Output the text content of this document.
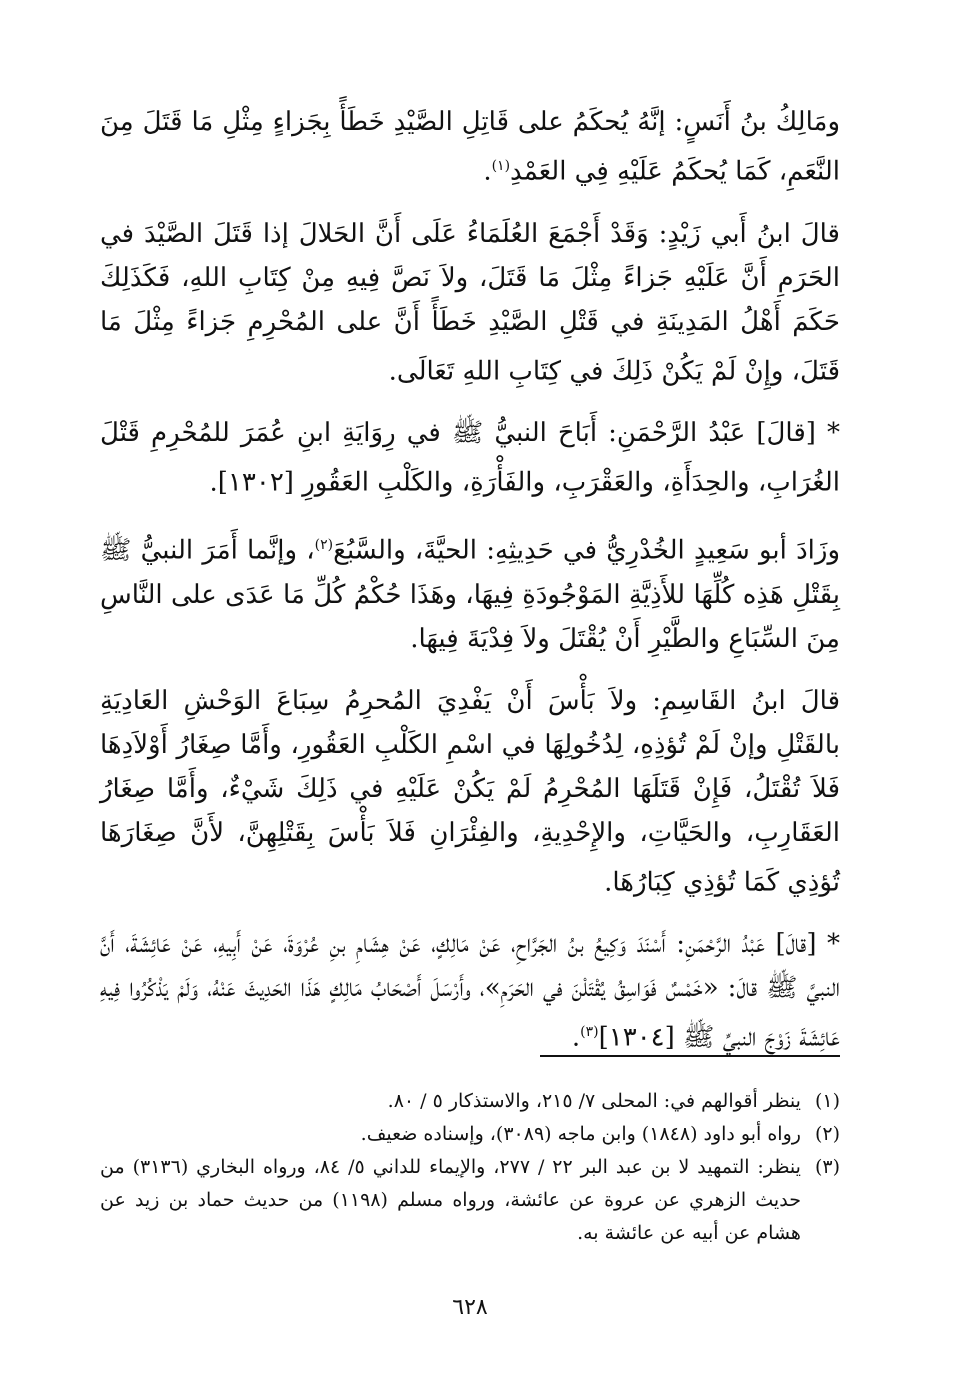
ومَالِكُ بنُ أَنَسٍ: إنَّهُ يُحكَمُ على قَاتِلِ الصَّيْدِ خَطَأً بِجَزاءٍ مِثْلِ مَا قَتَلَ مِنَ النَّعَمِ، كَمَا يُحكَمُ عَلَيْهِ فِي العَمْدِ$^{(١)}$.

قالَ ابنُ أَبي زَيْدٍ: وَقَدْ أَجْمَعَ العُلَمَاءُ عَلَى أَنَّ الحَلالَ إذا قَتَلَ الصَّيْدَ في الحَرَمِ أَنَّ عَلَيْهِ جَزاءً مِثْلَ مَا قَتَلَ، ولاَ نَصَّ فِيهِ مِنْ كِتَابِ اللهِ، فَكَذَلِكَ حَكَمَ أَهْلُ المَدِينَةِ في قَتْلِ الصَّيْدِ خَطَأً أَنَّ على المُحْرِمِ جَزاءً مِثْلَ مَا قَتَلَ، وإِنْ لَمْ يَكُنْ ذَلِكَ في كِتَابِ اللهِ تَعَالَى.

* [قالَ] عَبْدُ الرَّحْمَنِ: أَبَاحَ النبيُّ ﷺ في رِوَايَةِ ابنِ عُمَرَ للمُحْرِمِ قَتْلَ الغُرَابِ، والحِدَأَةِ، والعَقْرَبِ، والفَأْرَةِ، والكَلْبِ العَقُورِ [١٣٠٢].

وزَادَ أبو سَعِيدٍ الخُدْرِيُّ في حَدِيثِهِ: الحيَّةَ، والسَّبُعَ$^{(٢)}$، وإنَّما أَمَرَ النبيُّ ﷺ بِقَتْلِ هَذِه كُلِّهَا للأَذِيَّةِ المَوْجُودَةِ فِيهَا، وهَذَا حُكْمُ كُلِّ مَا عَدَى على النَّاسِ مِنَ السِّبَاعِ والطَّيْرِ أَنْ يُقْتَلَ ولاَ فِدْيَةَ فِيهَا.

قالَ ابنُ القَاسِمِ: ولاَ بَأْسَ أَنْ يَفْدِيَ المُحرِمُ سِبَاعَ الوَحْشِ العَادِيَةِ بالقَتْلِ وإنْ لَمْ تُؤذِهِ، لِدُخُولِهَا في اسْمِ الكَلْبِ العَقُورِ، وأَمَّا صِغَارُ أَوْلاَدِهَا فَلاَ تُقْتَلُ، فَإِنْ قَتَلَهَا المُحْرِمُ لَمْ يَكُنْ عَلَيْهِ في ذَلِكَ شَيْءٌ، وأَمَّا صِغَارُ العَقَارِبِ، والحَيَّاتِ، والإِحْدِيةِ، والفِئْرَانِ فَلاَ بَأْسَ بِقَتْلِهِنَّ، لأَنَّ صِغَارَهَا تُؤذِي كَمَا تُؤذِي كِبَارُهَا.

* [قالَ] عَبْدُ الرَّحْمَنِ: أَسْنَدَ وَكِيعُ بنُ الجَرَّاحِ، عَنْ مَالِكٍ، عَنْ هِشَامِ بنِ عُرْوَةَ، عَنْ أَبِيهِ، عَنْ عَائِشَةَ، أَنَّ النبيَّ ﷺ قالَ: «خَمْسٌ فَوَاسِقُ يُقْتَلْنَ في الحَرَمِ»، وأَرْسَلَ أَصْحَابُ مَالِكٍ هَذَا الحَدِيثَ عَنْهُ، وَلَمْ يَذْكُرُوا فِيهِ عَائِشَةَ زَوْجَ النبيِّ ﷺ [١٣٠٤]$^{(٣)}$.

(١)
ينظر أقوالهم في: المحلى ٧/ ٢١٥، والاستذكار ٥ / ٨٠.
(٢)
رواه أبو داود (١٨٤٨) وابن ماجه (٣٠٨٩)، وإسناده ضعيف.
(٣)
ينظر: التمهيد لا بن عبد البر ٢٢ / ٢٧٧، والإيماء للداني ٥/ ٨٤، ورواه البخاري (٣١٣٦) من حديث الزهري عن عروة عن عائشة، ورواه مسلم (١١٩٨) من حديث حماد بن زيد عن هشام عن أبيه عن عائشة به.
٦٢٨
